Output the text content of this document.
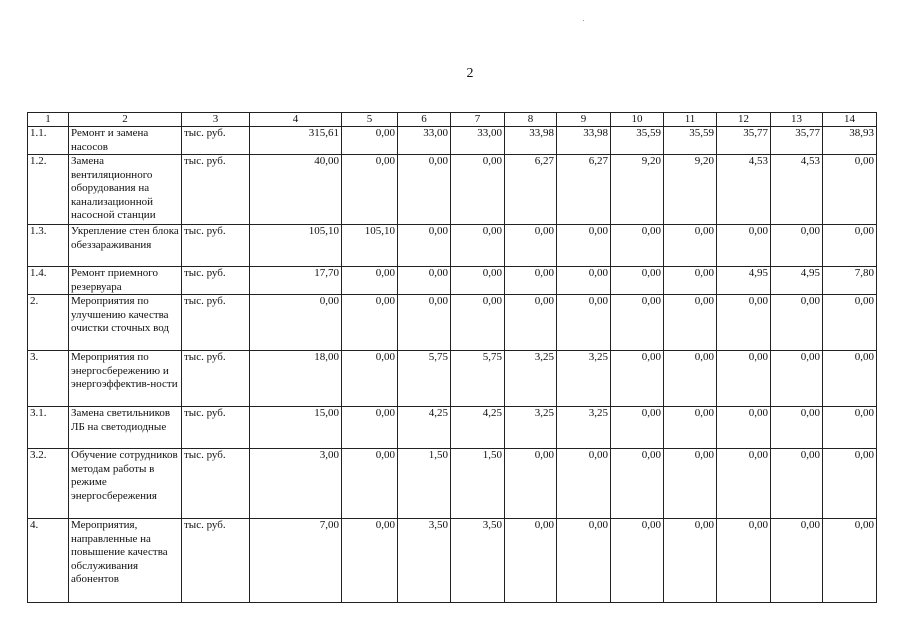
2
1	2	3	4	5	6	7	8	9	10	11	12	13	14
1.1.	Ремонт и замена насосов	тыс. руб.	315,61	0,00	33,00	33,00	33,98	33,98	35,59	35,59	35,77	35,77	38,93
1.2.	Замена вентиляционного оборудования на канализационной насосной станции	тыс. руб.	40,00	0,00	0,00	0,00	6,27	6,27	9,20	9,20	4,53	4,53	0,00
1.3.	Укрепление стен блока обеззараживания	тыс. руб.	105,10	105,10	0,00	0,00	0,00	0,00	0,00	0,00	0,00	0,00	0,00
1.4.	Ремонт приемного резервуара	тыс. руб.	17,70	0,00	0,00	0,00	0,00	0,00	0,00	0,00	4,95	4,95	7,80
2.	Мероприятия по улучшению качества очистки сточных вод	тыс. руб.	0,00	0,00	0,00	0,00	0,00	0,00	0,00	0,00	0,00	0,00	0,00
3.	Мероприятия по энергосбережению и энергоэффектив-ности	тыс. руб.	18,00	0,00	5,75	5,75	3,25	3,25	0,00	0,00	0,00	0,00	0,00
3.1.	Замена светильников ЛБ на светодиодные	тыс. руб.	15,00	0,00	4,25	4,25	3,25	3,25	0,00	0,00	0,00	0,00	0,00
3.2.	Обучение сотрудников методам работы в режиме энергосбережения	тыс. руб.	3,00	0,00	1,50	1,50	0,00	0,00	0,00	0,00	0,00	0,00	0,00
4.	Мероприятия, направленные на повышение качества обслуживания абонентов	тыс. руб.	7,00	0,00	3,50	3,50	0,00	0,00	0,00	0,00	0,00	0,00	0,00
